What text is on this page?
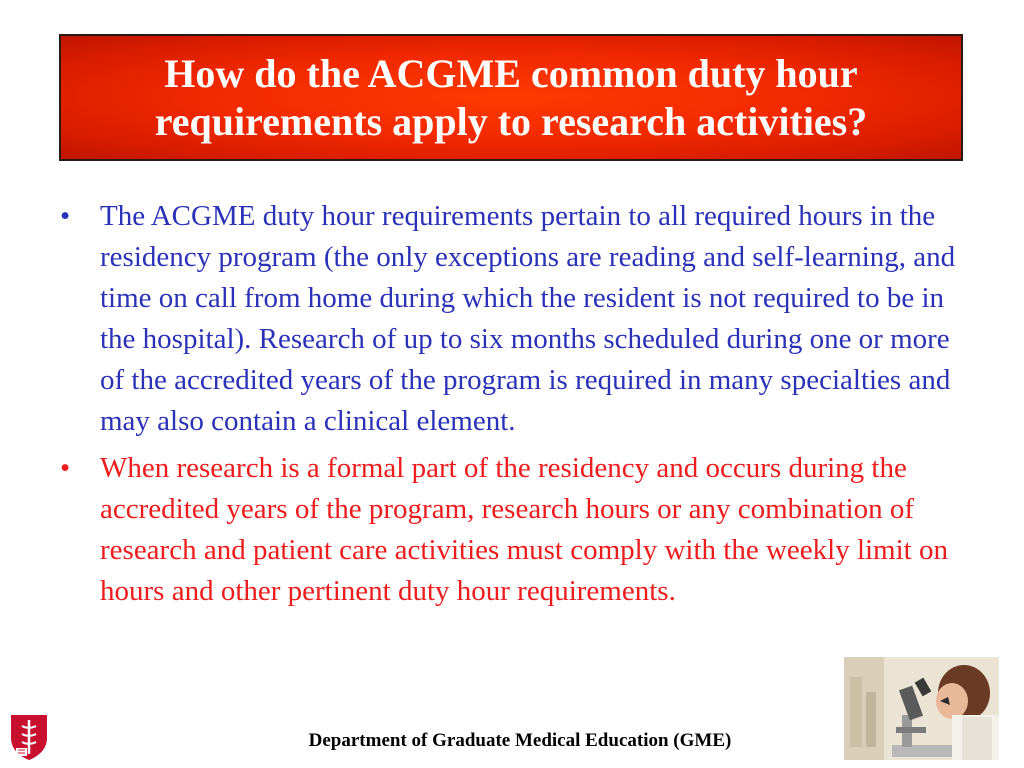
How do the ACGME common duty hour requirements apply to research activities?
• The ACGME duty hour requirements pertain to all required hours in the residency program (the only exceptions are reading and self-learning, and time on call from home during which the resident is not required to be in the hospital). Research of up to six months scheduled during one or more of the accredited years of the program is required in many specialties and may also contain a clinical element.
• When research is a formal part of the residency and occurs during the accredited years of the program, research hours or any combination of research and patient care activities must comply with the weekly limit on hours and other pertinent duty hour requirements.
Department of Graduate Medical Education (GME)
